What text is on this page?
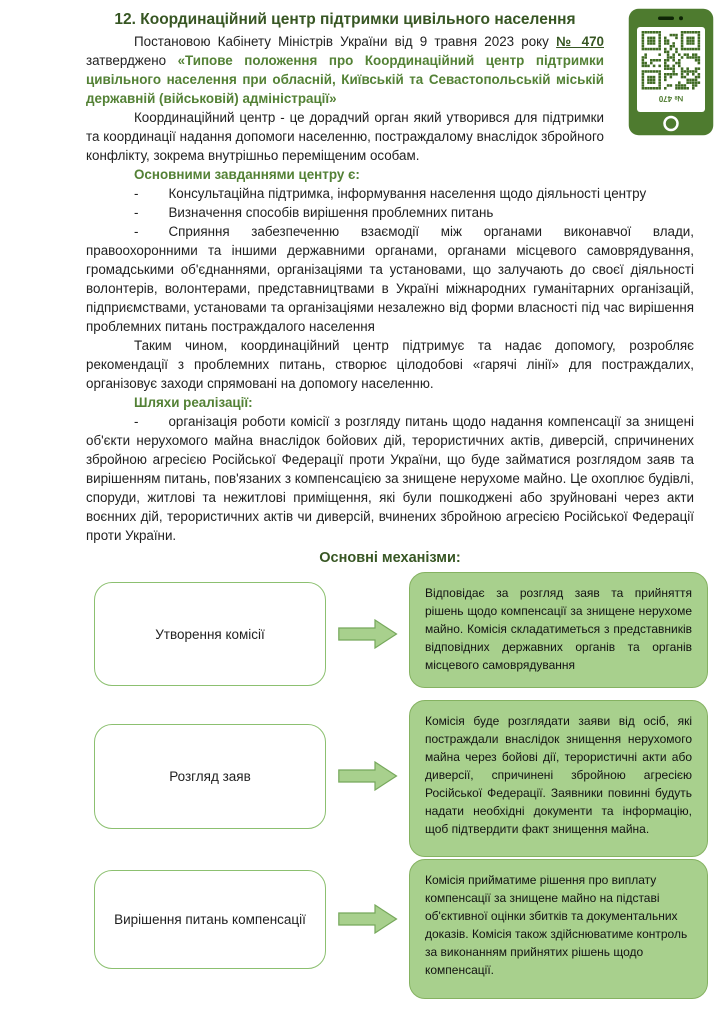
№ 470
12. Координаційний центр підтримки цивільного населення

Постановою Кабінету Міністрів України від 9 травня 2023 року № 470 затверджено «Типове положення про Координаційний центр підтримки цивільного населення при обласній, Київській та Севастопольській міській державній (військовій) адміністрації»

Координаційний центр - це дорадчий орган який утворився для підтримки та координації надання допомоги населенню, постраждалому внаслідок збройного конфлікту, зокрема внутрішньо переміщеним особам.

Основними завданнями центру є:

- Консультаційна підтримка, інформування населення щодо діяльності центру

- Визначення способів вирішення проблемних питань

- Сприяння забезпеченню взаємодії між органами виконавчої влади, правоохоронними та іншими державними органами, органами місцевого самоврядування, громадськими об'єднаннями, організаціями та установами, що залучають до своєї діяльності волонтерів, волонтерами, представництвами в Україні міжнародних гуманітарних організацій, підприємствами, установами та організаціями незалежно від форми власності під час вирішення проблемних питань постраждалого населення

Таким чином, координаційний центр підтримує та надає допомогу, розробляє рекомендації з проблемних питань, створює цілодобові «гарячі лінії» для постраждалих, організовує заходи спрямовані на допомогу населенню.

Шляхи реалізації:

- організація роботи комісії з розгляду питань щодо надання компенсації за знищені об'єкти нерухомого майна внаслідок бойових дій, терористичних актів, диверсій, спричинених збройною агресією Російської Федерації проти України, що буде займатися розглядом заяв та вирішенням питань, пов'язаних з компенсацією за знищене нерухоме майно. Це охоплює будівлі, споруди, житлові та нежитлові приміщення, які були пошкоджені або зруйновані через акти воєнних дій, терористичних актів чи диверсій, вчинених збройною агресією Російської Федерації проти України.

Основні механізми:
Утворення комісії
Відповідає за розгляд заяв та прийняття рішень щодо компенсації за знищене нерухоме майно. Комісія складатиметься з представників відповідних державних органів та органів місцевого самоврядування
Розгляд заяв
Комісія буде розглядати заяви від осіб, які постраждали внаслідок знищення нерухомого майна через бойові дії, терористичні акти або диверсії, спричинені збройною агресією Російської Федерації. Заявники повинні будуть надати необхідні документи та інформацію, щоб підтвердити факт знищення майна.
Вирішення питань компенсації
Комісія прийматиме рішення про виплату компенсації за знищене майно на підставі об'єктивної оцінки збитків та документальних доказів. Комісія також здійснюватиме контроль за виконанням прийнятих рішень щодо компенсації.
